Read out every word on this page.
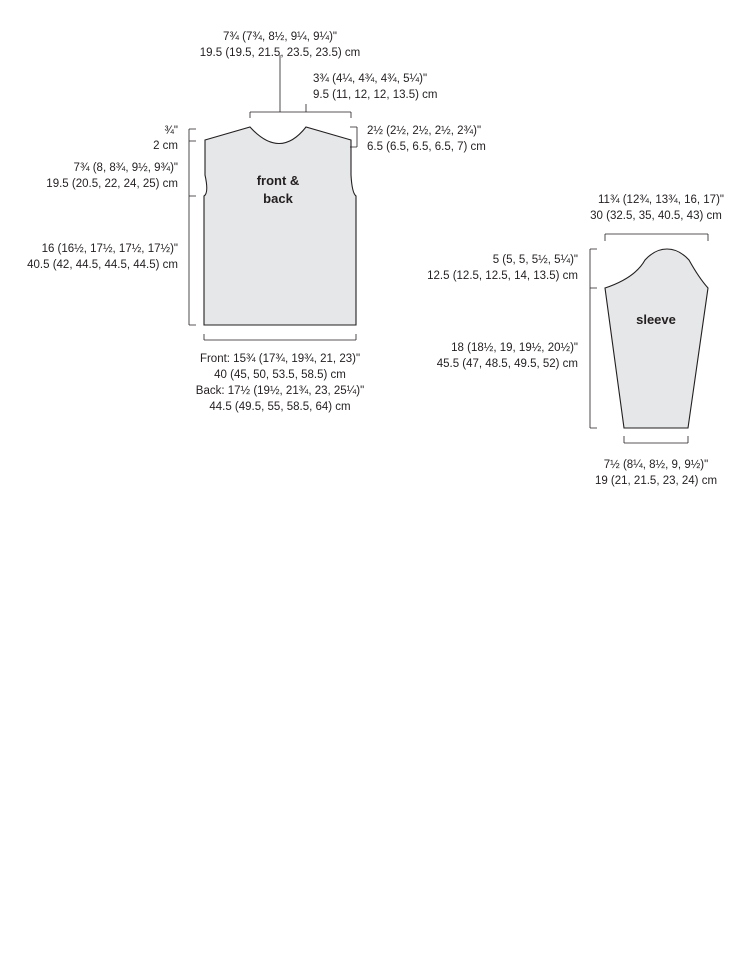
front &
back
7¾ (7¾, 8½, 9¼, 9¼)"
19.5 (19.5, 21.5, 23.5, 23.5) cm
3¾ (4¼, 4¾, 4¾, 5¼)"
9.5 (11, 12, 12, 13.5) cm
¾"
2 cm
2½ (2½, 2½, 2½, 2¾)"
6.5 (6.5, 6.5, 6.5, 7) cm
7¾ (8, 8¾, 9½, 9¾)"
19.5 (20.5, 22, 24, 25) cm
16 (16½, 17½, 17½, 17½)"
40.5 (42, 44.5, 44.5, 44.5) cm
Front: 15¾ (17¾, 19¾, 21, 23)"
40 (45, 50, 53.5, 58.5) cm
Back: 17½ (19½, 21¾, 23, 25¼)"
44.5 (49.5, 55, 58.5, 64) cm
sleeve
11¾ (12¾, 13¾, 16, 17)"
30 (32.5, 35, 40.5, 43) cm
5 (5, 5, 5½, 5¼)"
12.5 (12.5, 12.5, 14, 13.5) cm
18 (18½, 19, 19½, 20½)"
45.5 (47, 48.5, 49.5, 52) cm
7½ (8¼, 8½, 9, 9½)"
19 (21, 21.5, 23, 24) cm
